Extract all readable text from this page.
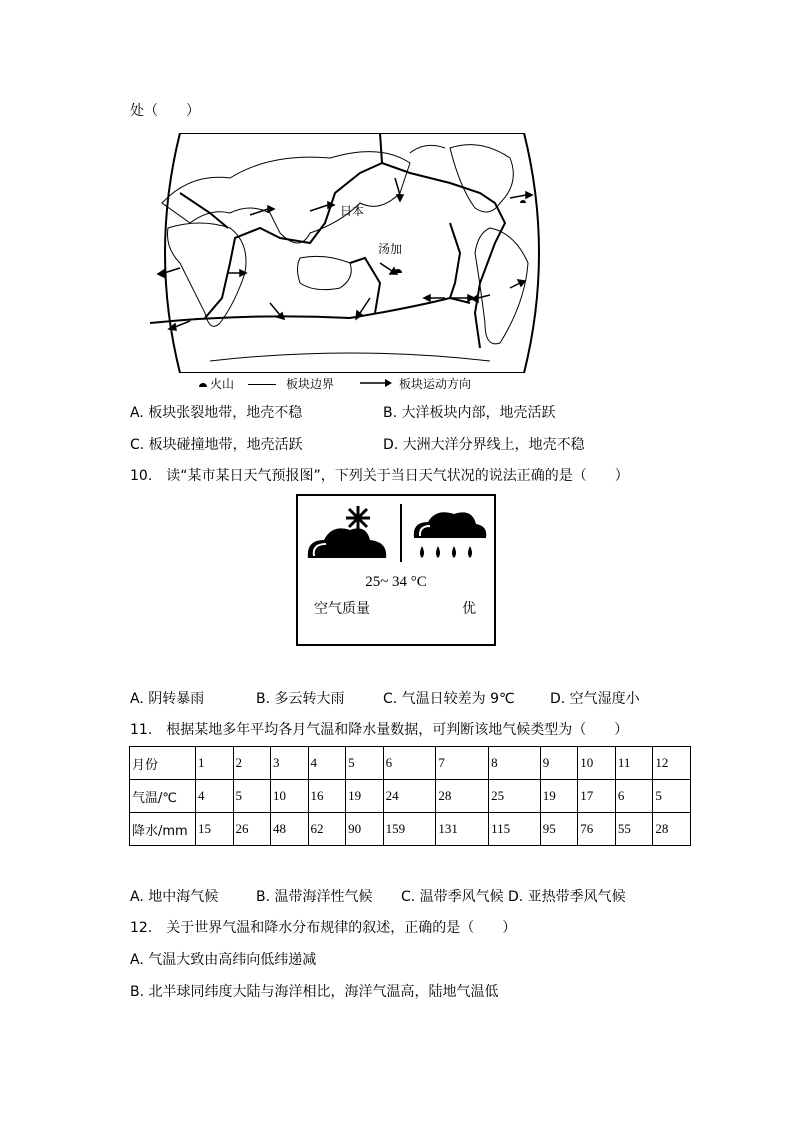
处（　　）
日本
汤加
火山	板块边界	板块运动方向
A. 板块张裂地带，地壳不稳	B. 大洋板块内部，地壳活跃
C. 板块碰撞地带，地壳活跃	D. 大洲大洋分界线上，地壳不稳
10.　读“某市某日天气预报图”，下列关于当日天气状况的说法正确的是（　　）
25~ 34 °C
空气质量	优
A. 阴转暴雨	B. 多云转大雨	C. 气温日较差为 9℃	D. 空气湿度小
11.　根据某地多年平均各月气温和降水量数据，可判断该地气候类型为（　　）
月份	1	2	3	4	5	6	7	8	9	10	11	12
气温/℃	4	5	10	16	19	24	28	25	19	17	6	5
降水/mm	15	26	48	62	90	159	131	115	95	76	55	28
A. 地中海气候	B. 温带海洋性气候 C. 温带季风气候 D. 亚热带季风气候
12.　关于世界气温和降水分布规律的叙述，正确的是（　　）
A. 气温大致由高纬向低纬递减
B. 北半球同纬度大陆与海洋相比，海洋气温高，陆地气温低
